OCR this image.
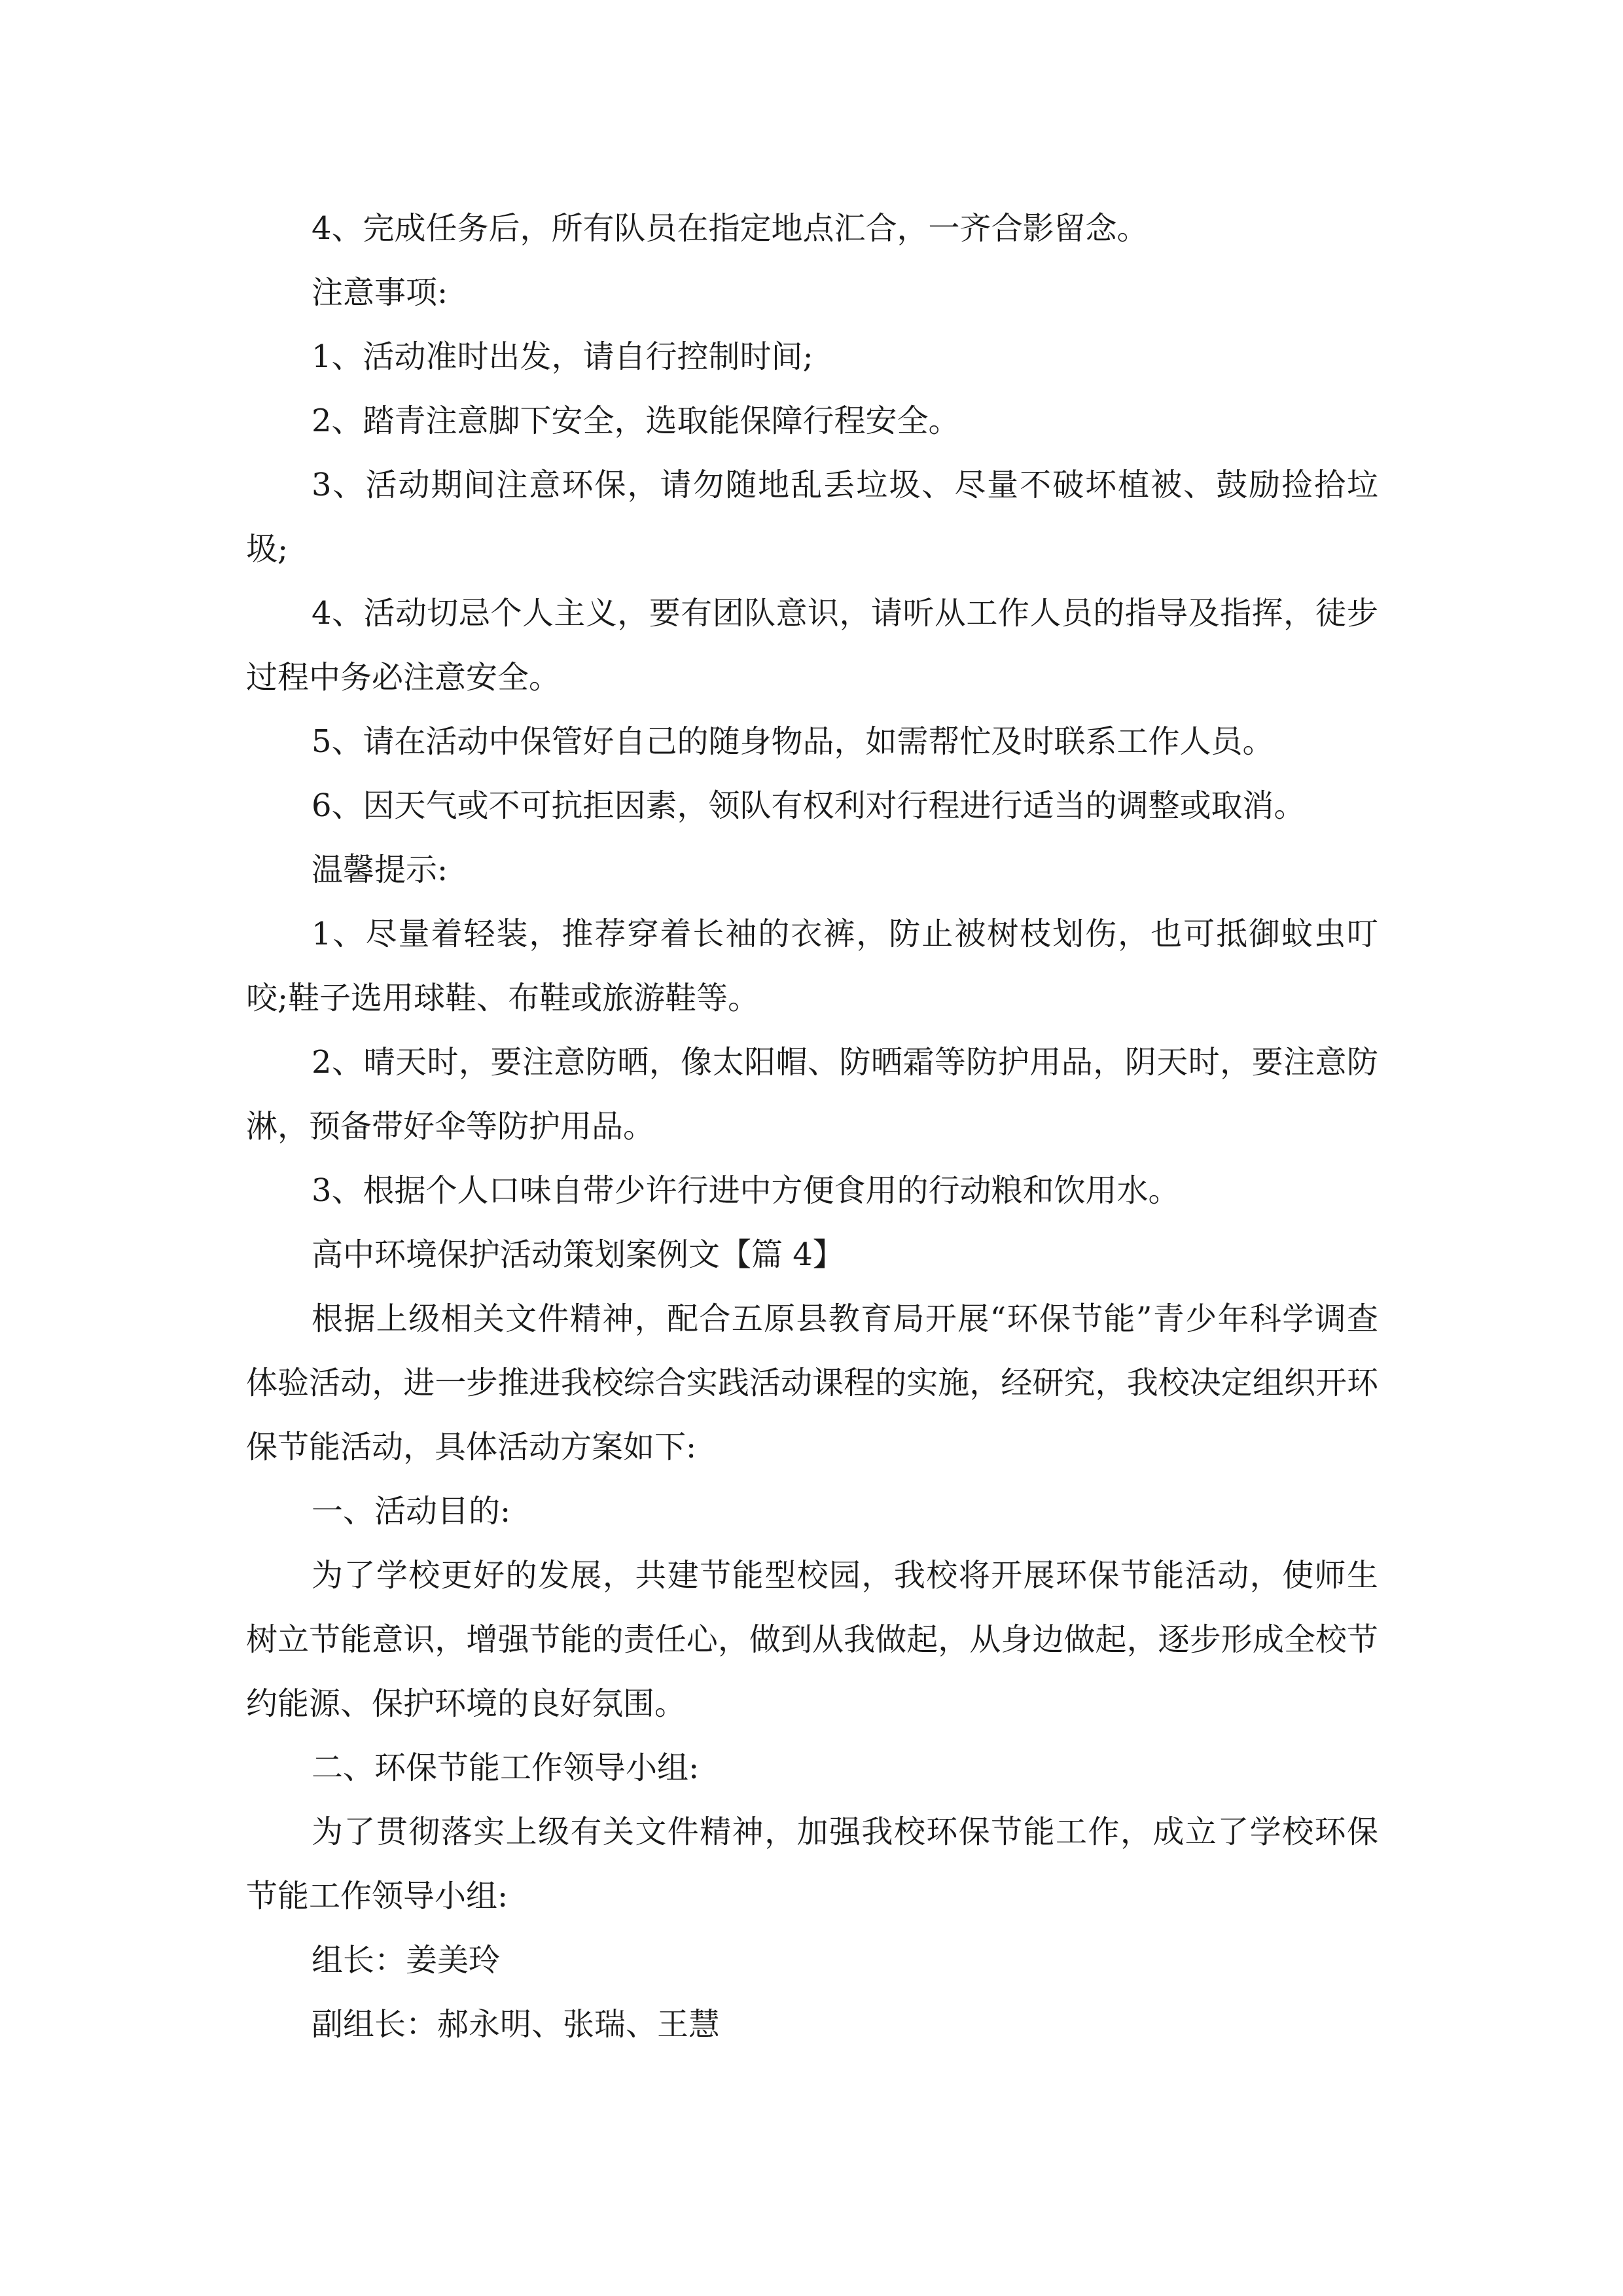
4、完成任务后，所有队员在指定地点汇合，一齐合影留念。

注意事项:

1、活动准时出发，请自行控制时间;

2、踏青注意脚下安全，选取能保障行程安全。

3、活动期间注意环保，请勿随地乱丢垃圾、尽量不破坏植被、鼓励捡拾垃圾;

4、活动切忌个人主义，要有团队意识，请听从工作人员的指导及指挥，徒步过程中务必注意安全。

5、请在活动中保管好自己的随身物品，如需帮忙及时联系工作人员。

6、因天气或不可抗拒因素，领队有权利对行程进行适当的调整或取消。

温馨提示:

1、尽量着轻装，推荐穿着长袖的衣裤，防止被树枝划伤，也可抵御蚊虫叮咬;鞋子选用球鞋、布鞋或旅游鞋等。

2、晴天时，要注意防晒，像太阳帽、防晒霜等防护用品，阴天时，要注意防淋，预备带好伞等防护用品。

3、根据个人口味自带少许行进中方便食用的行动粮和饮用水。

高中环境保护活动策划案例文【篇 4】

根据上级相关文件精神，配合五原县教育局开展“环保节能”青少年科学调查体验活动，进一步推进我校综合实践活动课程的实施，经研究，我校决定组织开环保节能活动，具体活动方案如下:

一、活动目的:

为了学校更好的发展，共建节能型校园，我校将开展环保节能活动，使师生树立节能意识，增强节能的责任心，做到从我做起，从身边做起，逐步形成全校节约能源、保护环境的良好氛围。

二、环保节能工作领导小组:

为了贯彻落实上级有关文件精神，加强我校环保节能工作，成立了学校环保节能工作领导小组:

组长：姜美玲

副组长：郝永明、张瑞、王慧
